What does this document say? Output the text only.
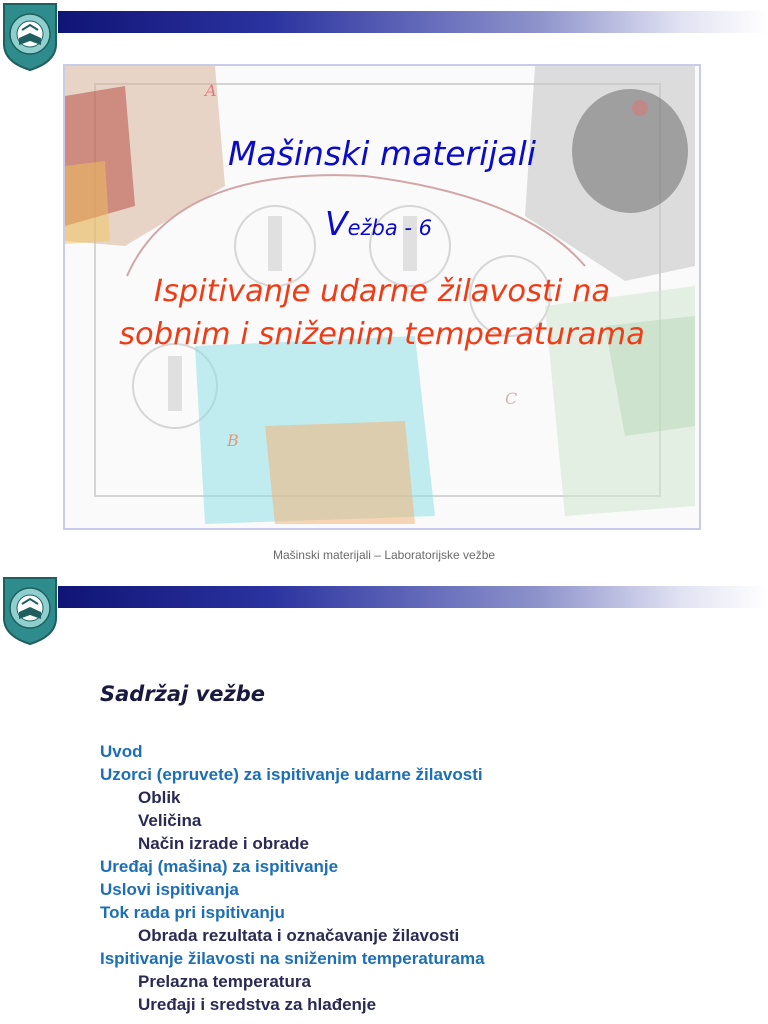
A
B
C
Mašinski materijali
Vežba - 6
Ispitivanje udarne žilavosti na
sobnim i sniženim temperaturama
Mašinski materijali – Laboratorijske vežbe
Sadržaj vežbe
Uvod
Uzorci (epruvete) za ispitivanje udarne žilavosti
Oblik
Veličina
Način izrade i obrade
Uređaj (mašina) za ispitivanje
Uslovi ispitivanja
Tok rada pri ispitivanju
Obrada rezultata i označavanje žilavosti
Ispitivanje žilavosti na sniženim temperaturama
Prelazna temperatura
Uređaji i sredstva za hlađenje
